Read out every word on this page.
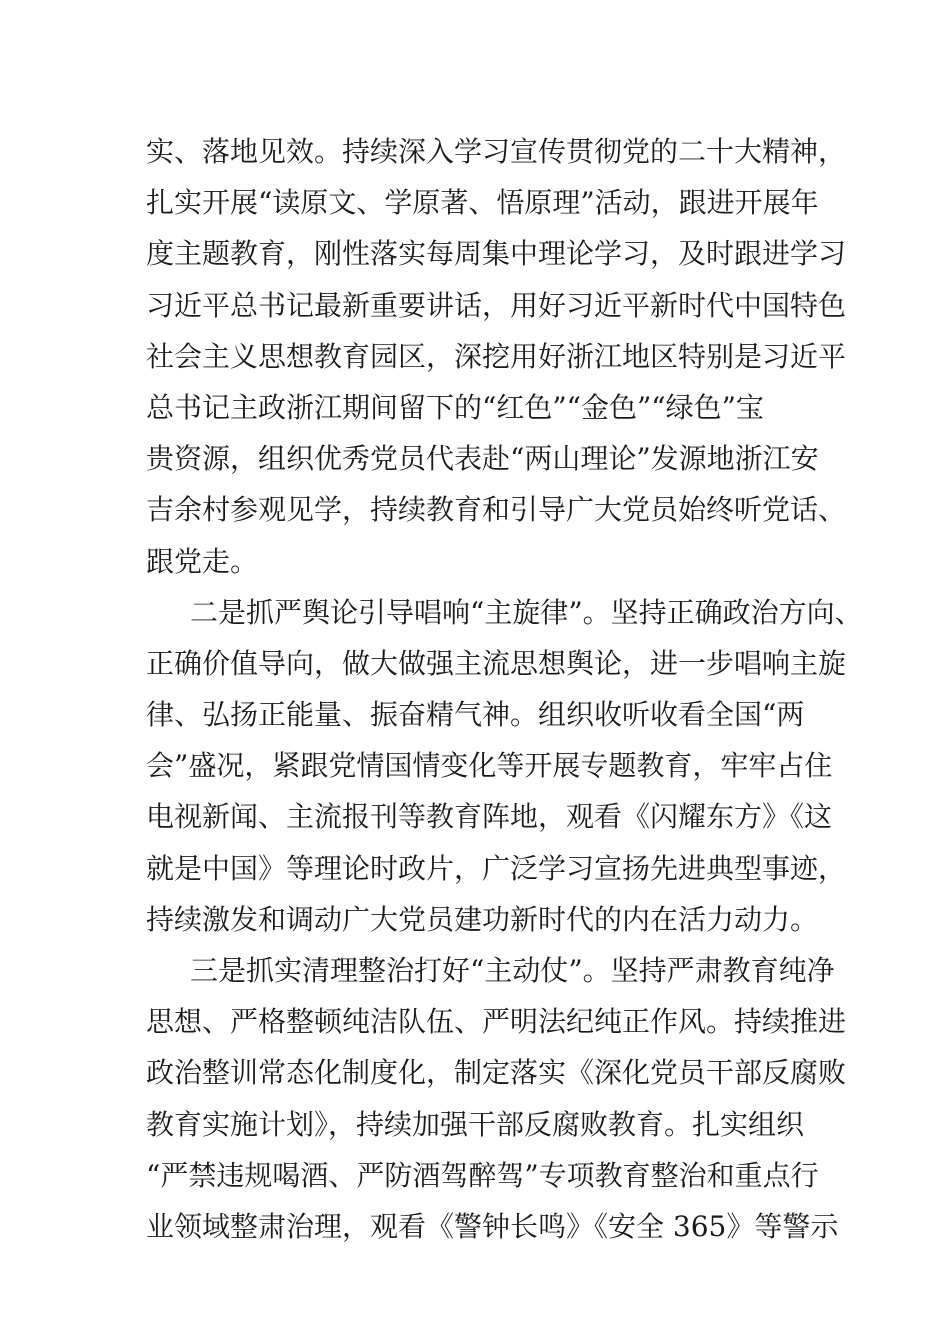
实、落地见效。持续深入学习宣传贯彻党的二十大精神，
扎实开展“读原文、学原著、悟原理”活动，跟进开展年
度主题教育，刚性落实每周集中理论学习，及时跟进学习
习近平总书记最新重要讲话，用好习近平新时代中国特色
社会主义思想教育园区，深挖用好浙江地区特别是习近平
总书记主政浙江期间留下的“红色”“金色”“绿色”宝
贵资源，组织优秀党员代表赴“两山理论”发源地浙江安
吉余村参观见学，持续教育和引导广大党员始终听党话、
跟党走。
二是抓严舆论引导唱响“主旋律”。坚持正确政治方向、
正确价值导向，做大做强主流思想舆论，进一步唱响主旋
律、弘扬正能量、振奋精气神。组织收听收看全国“两
会”盛况，紧跟党情国情变化等开展专题教育，牢牢占住
电视新闻、主流报刊等教育阵地，观看《闪耀东方》《这
就是中国》等理论时政片，广泛学习宣扬先进典型事迹，
持续激发和调动广大党员建功新时代的内在活力动力。
三是抓实清理整治打好“主动仗”。坚持严肃教育纯净
思想、严格整顿纯洁队伍、严明法纪纯正作风。持续推进
政治整训常态化制度化，制定落实《深化党员干部反腐败
教育实施计划》，持续加强干部反腐败教育。扎实组织
“严禁违规喝酒、严防酒驾醉驾”专项教育整治和重点行
业领域整肃治理，观看《警钟长鸣》《安全 365》等警示
